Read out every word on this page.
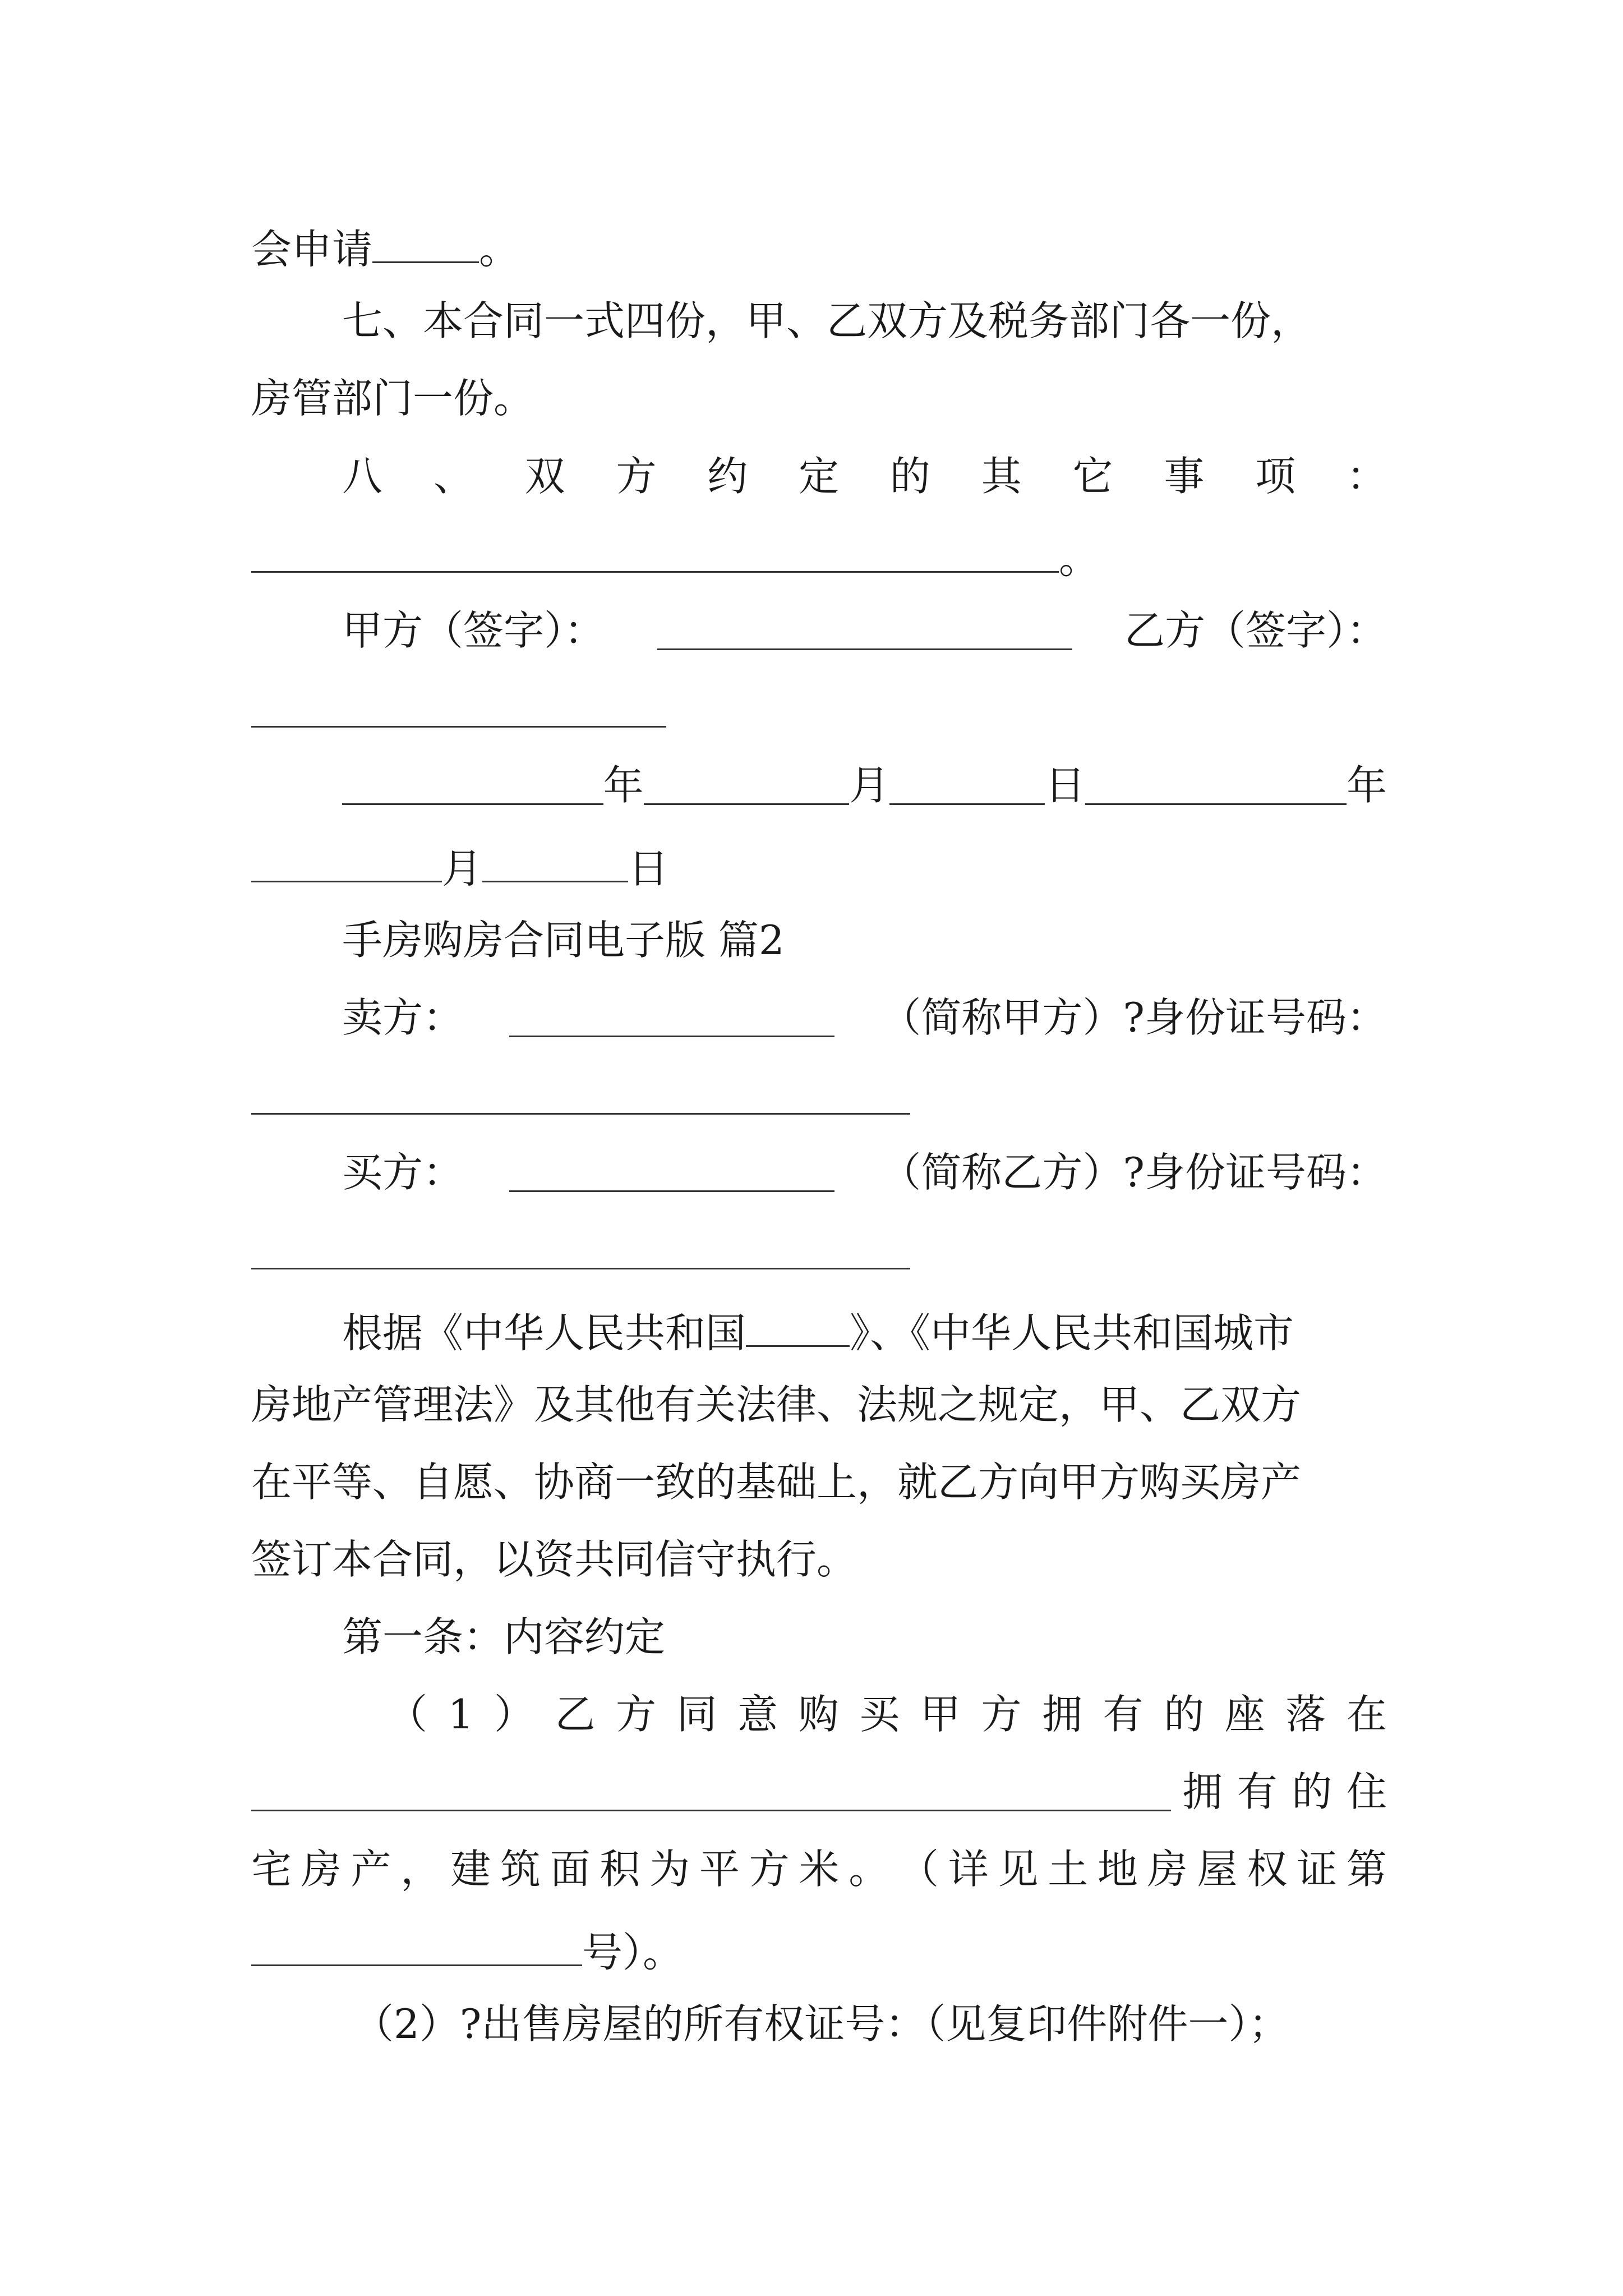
会申请	。
七、本合同一式四份，甲、乙双方及税务部门各一份，
房管部门一份。
八 、 双 方 约 定 的 其 它 事 项 ：
。
甲方（签字）：	乙方（签字）：
年	月	日	年
月	日
手房购房合同电子版 篇2
卖方：	（简称甲方）?身份证号码：
买方：	（简称乙方）?身份证号码：
根据《中华人民共和国	》、《中华人民共和国城市
房地产管理法》及其他有关法律、法规之规定，甲、乙双方
在平等、自愿、协商一致的基础上，就乙方向甲方购买房产
签订本合同，以资共同信守执行。
第一条：内容约定
（ 1 ） 乙 方 同 意 购 买 甲 方 拥 有 的 座 落 在
拥 有 的 住
宅 房 产 ， 建 筑 面 积 为 平 方 米 。 （ 详 见 土 地 房 屋 权 证 第
号）。
（2）?出售房屋的所有权证号：（见复印件附件一）；
